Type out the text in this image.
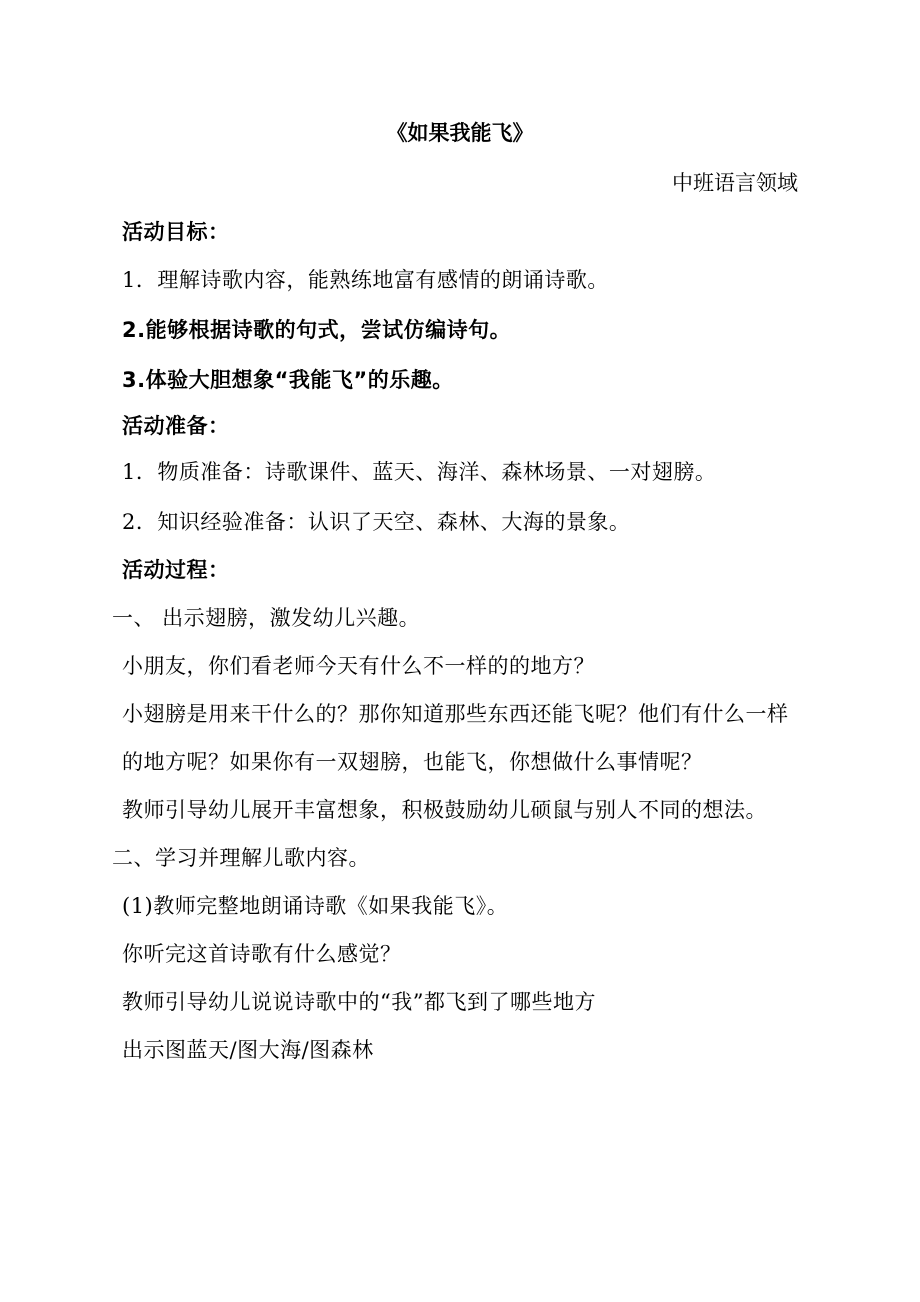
《如果我能飞》
中班语言领域
活动目标：
1．理解诗歌内容，能熟练地富有感情的朗诵诗歌。
2.能够根据诗歌的句式，尝试仿编诗句。
3.体验大胆想象“我能飞”的乐趣。
活动准备：
1．物质准备：诗歌课件、蓝天、海洋、森林场景、一对翅膀。
2．知识经验准备：认识了天空、森林、大海的景象。
活动过程：
一、 出示翅膀，激发幼儿兴趣。
小朋友，你们看老师今天有什么不一样的的地方？
小翅膀是用来干什么的？那你知道那些东西还能飞呢？他们有什么一样
的地方呢？如果你有一双翅膀，也能飞，你想做什么事情呢？
教师引导幼儿展开丰富想象，积极鼓励幼儿硕鼠与别人不同的想法。
二、学习并理解儿歌内容。
(1)教师完整地朗诵诗歌《如果我能飞》。
你听完这首诗歌有什么感觉？
教师引导幼儿说说诗歌中的“我”都飞到了哪些地方
出示图蓝天/图大海/图森林
